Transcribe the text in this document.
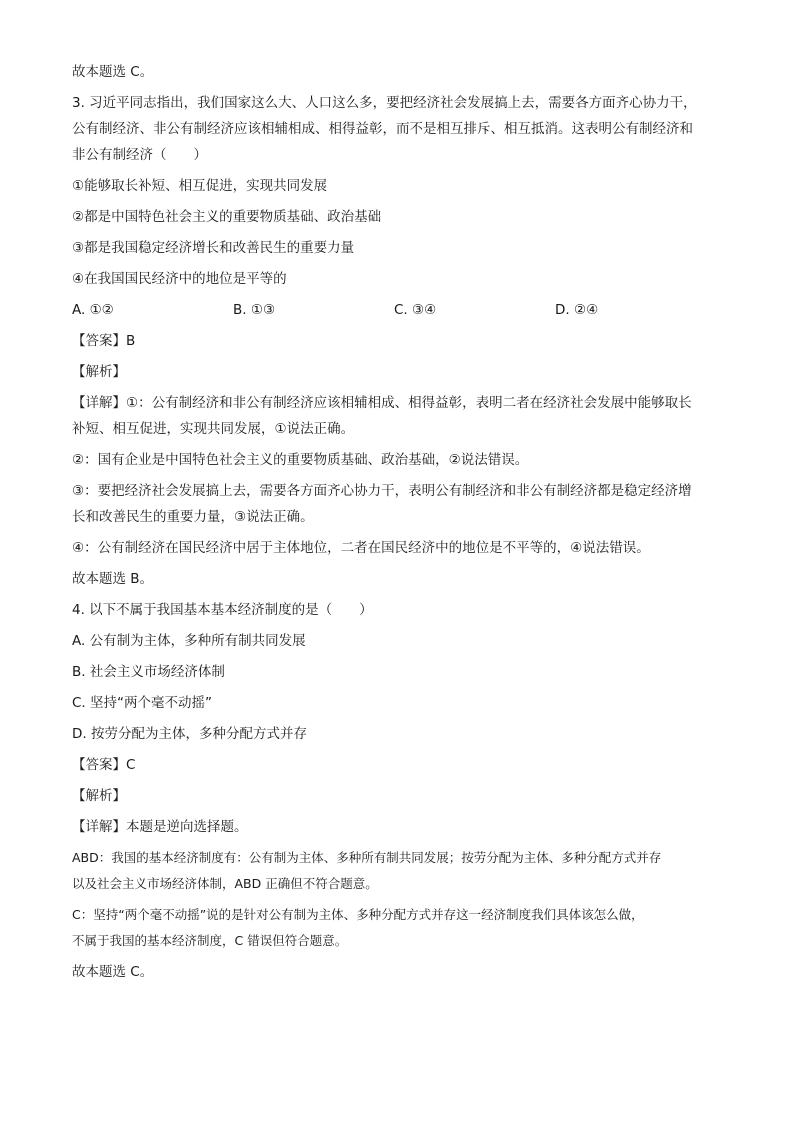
故本题选 C。

3. 习近平同志指出，我们国家这么大、人口这么多，要把经济社会发展搞上去，需要各方面齐心协力干，

公有制经济、非公有制经济应该相辅相成、相得益彰，而不是相互排斥、相互抵消。这表明公有制经济和

非公有制经济（　　）

①能够取长补短、相互促进，实现共同发展

②都是中国特色社会主义的重要物质基础、政治基础

③都是我国稳定经济增长和改善民生的重要力量

④在我国国民经济中的地位是平等的

A. ①②	B. ①③	C. ③④	D. ②④

【答案】B

【解析】

【详解】①：公有制经济和非公有制经济应该相辅相成、相得益彰，表明二者在经济社会发展中能够取长

补短、相互促进，实现共同发展，①说法正确。

②：国有企业是中国特色社会主义的重要物质基础、政治基础，②说法错误。

③：要把经济社会发展搞上去，需要各方面齐心协力干，表明公有制经济和非公有制经济都是稳定经济增

长和改善民生的重要力量，③说法正确。

④：公有制经济在国民经济中居于主体地位，二者在国民经济中的地位是不平等的，④说法错误。

故本题选 B。

4. 以下不属于我国基本基本经济制度的是（　　）

A. 公有制为主体，多种所有制共同发展

B. 社会主义市场经济体制

C. 坚持“两个毫不动摇”

D. 按劳分配为主体，多种分配方式并存

【答案】C

【解析】

【详解】本题是逆向选择题。

ABD：我国的基本经济制度有：公有制为主体、多种所有制共同发展；按劳分配为主体、多种分配方式并存

以及社会主义市场经济体制，ABD 正确但不符合题意。

C：坚持“两个毫不动摇”说的是针对公有制为主体、多种分配方式并存这一经济制度我们具体该怎么做，

不属于我国的基本经济制度，C 错误但符合题意。

故本题选 C。
